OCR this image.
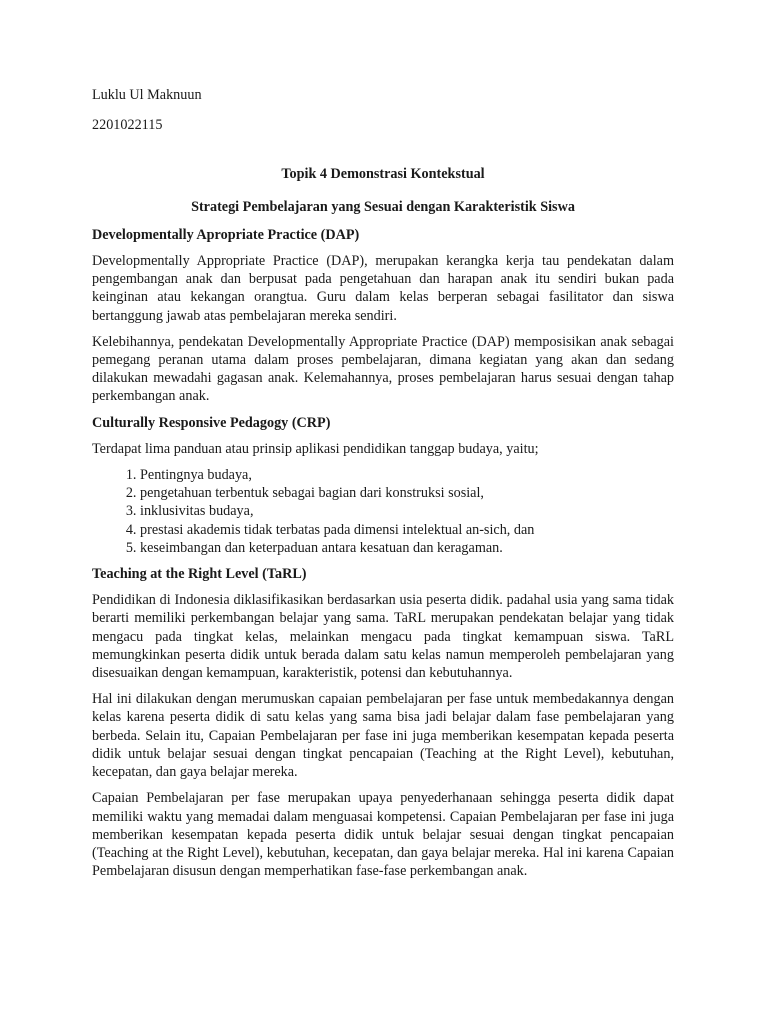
Luklu Ul Maknuun

2201022115

Topik 4 Demonstrasi Kontekstual

Strategi Pembelajaran yang Sesuai dengan Karakteristik Siswa

Developmentally Apropriate Practice (DAP)

Developmentally Appropriate Practice (DAP), merupakan kerangka kerja tau pendekatan dalam pengembangan anak dan berpusat pada pengetahuan dan harapan anak itu sendiri bukan pada keinginan atau kekangan orangtua. Guru dalam kelas berperan sebagai fasilitator dan siswa bertanggung jawab atas pembelajaran mereka sendiri.

Kelebihannya, pendekatan Developmentally Appropriate Practice (DAP) memposisikan anak sebagai pemegang peranan utama dalam proses pembelajaran, dimana kegiatan yang akan dan sedang dilakukan mewadahi gagasan anak. Kelemahannya, proses pembelajaran harus sesuai dengan tahap perkembangan anak.

Culturally Responsive Pedagogy (CRP)

Terdapat lima panduan atau prinsip aplikasi pendidikan tanggap budaya, yaitu;

1. Pentingnya budaya,
2. pengetahuan terbentuk sebagai bagian dari konstruksi sosial,
3. inklusivitas budaya,
4. prestasi akademis tidak terbatas pada dimensi intelektual an-sich, dan
5. keseimbangan dan keterpaduan antara kesatuan dan keragaman.
Teaching at the Right Level (TaRL)

Pendidikan di Indonesia diklasifikasikan berdasarkan usia peserta didik. padahal usia yang sama tidak berarti memiliki perkembangan belajar yang sama. TaRL merupakan pendekatan belajar yang tidak mengacu pada tingkat kelas, melainkan mengacu pada tingkat kemampuan siswa. TaRL memungkinkan peserta didik untuk berada dalam satu kelas namun memperoleh pembelajaran yang disesuaikan dengan kemampuan, karakteristik, potensi dan kebutuhannya.

Hal ini dilakukan dengan merumuskan capaian pembelajaran per fase untuk membedakannya dengan kelas karena peserta didik di satu kelas yang sama bisa jadi belajar dalam fase pembelajaran yang berbeda. Selain itu, Capaian Pembelajaran per fase ini juga memberikan kesempatan kepada peserta didik untuk belajar sesuai dengan tingkat pencapaian (Teaching at the Right Level), kebutuhan, kecepatan, dan gaya belajar mereka.

Capaian Pembelajaran per fase merupakan upaya penyederhanaan sehingga peserta didik dapat memiliki waktu yang memadai dalam menguasai kompetensi. Capaian Pembelajaran per fase ini juga memberikan kesempatan kepada peserta didik untuk belajar sesuai dengan tingkat pencapaian (Teaching at the Right Level), kebutuhan, kecepatan, dan gaya belajar mereka. Hal ini karena Capaian Pembelajaran disusun dengan memperhatikan fase-fase perkembangan anak.
